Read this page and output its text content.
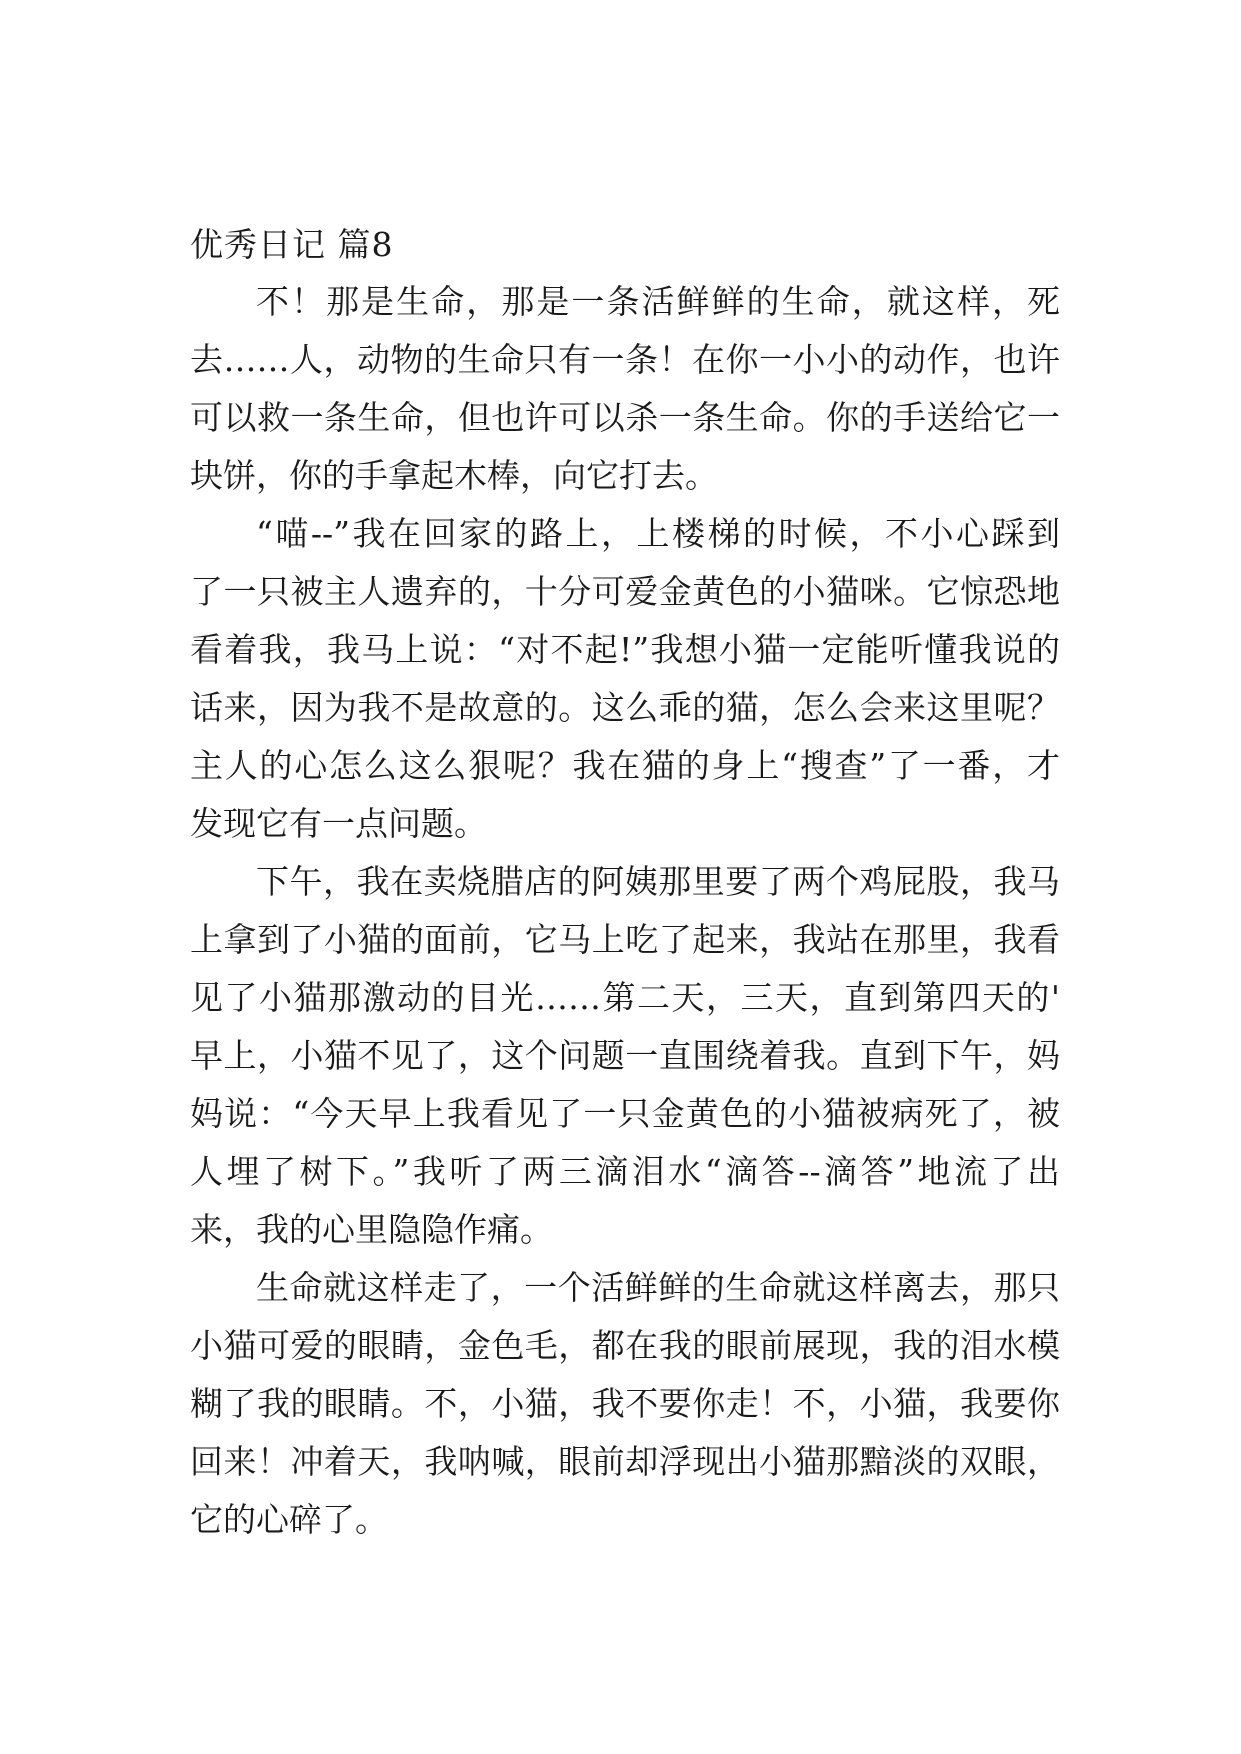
优秀日记 篇8
不！那是生命，那是一条活鲜鲜的生命，就这样，死
去……人，动物的生命只有一条！在你一小小的动作，也许
可以救一条生命，但也许可以杀一条生命。你的手送给它一
块饼，你的手拿起木棒，向它打去。
“喵--”我在回家的路上，上楼梯的时候，不小心踩到
了一只被主人遗弃的，十分可爱金黄色的小猫咪。它惊恐地
看着我，我马上说：“对不起!”我想小猫一定能听懂我说的
话来，因为我不是故意的。这么乖的猫，怎么会来这里呢？
主人的心怎么这么狠呢？我在猫的身上“搜查”了一番，才
发现它有一点问题。
下午，我在卖烧腊店的阿姨那里要了两个鸡屁股，我马
上拿到了小猫的面前，它马上吃了起来，我站在那里，我看
见了小猫那激动的目光……第二天，三天，直到第四天的'
早上，小猫不见了，这个问题一直围绕着我。直到下午，妈
妈说：“今天早上我看见了一只金黄色的小猫被病死了，被
人埋了树下。”我听了两三滴泪水“滴答--滴答”地流了出
来，我的心里隐隐作痛。
生命就这样走了，一个活鲜鲜的生命就这样离去，那只
小猫可爱的眼睛，金色毛，都在我的眼前展现，我的泪水模
糊了我的眼睛。不，小猫，我不要你走！不，小猫，我要你
回来！冲着天，我呐喊，眼前却浮现出小猫那黯淡的双眼，
它的心碎了。
